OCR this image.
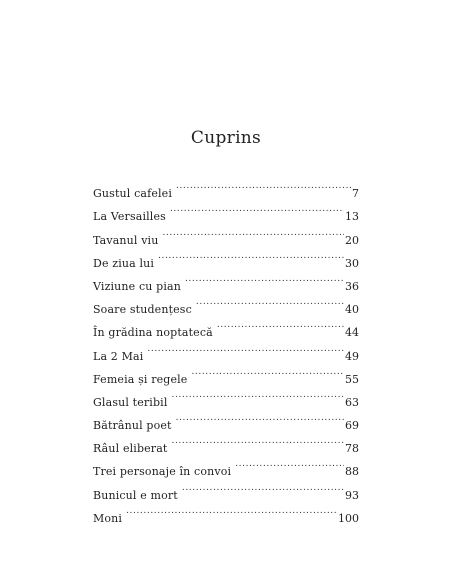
Cuprins
Gustul cafelei .....	7
La Versailles .....	13
Tavanul viu .....	20
De ziua lui .....	30
Viziune cu pian .....	36
Soare studențesc .....	40
În grădina noptatecă .....	44
La 2 Mai .....	49
Femeia și regele .....	55
Glasul teribil .....	63
Bătrânul poet .....	69
Râul eliberat .....	78
Trei personaje în convoi .....	88
Bunicul e mort .....	93
Moni .....	100
